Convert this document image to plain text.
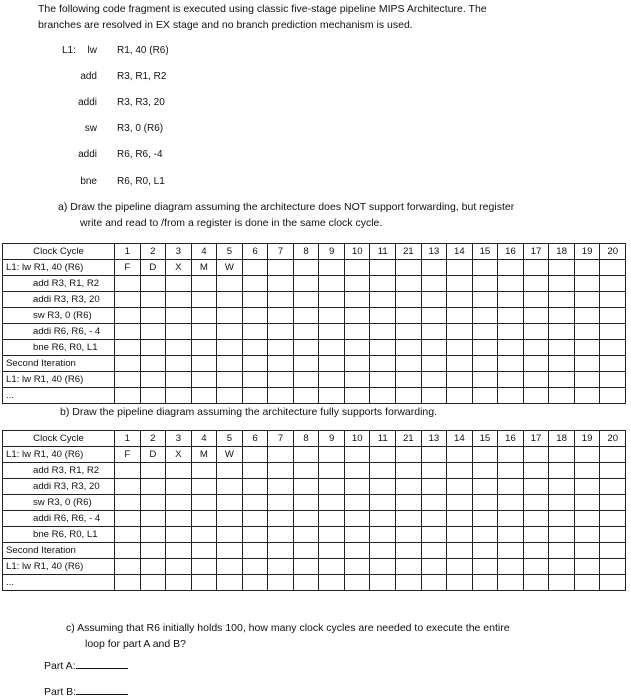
The following code fragment is executed using classic five-stage pipeline MIPS Architecture. The
branches are resolved in EX stage and no branch prediction mechanism is used.
L1:	lw R1, 40 (R6)
add R3, R1, R2
addi R3, R3, 20
sw R3, 0 (R6)
addi R6, R6, -4
bne R6, R0, L1
a) Draw the pipeline diagram assuming the architecture does NOT support forwarding, but register
write and read to /from a register is done in the same clock cycle.
Clock Cycle	1	2	3	4	5	6	7	8	9	10	11	21	13	14	15	16	17	18	19	20
L1: lw R1, 40 (R6)	F	D	X	M	W															
add R3, R1, R2																				
addi R3, R3, 20																				
sw R3, 0 (R6)																				
addi R6, R6, - 4																				
bne R6, R0, L1																				
Second Iteration																				
L1: lw R1, 40 (R6)																				
...																				
b) Draw the pipeline diagram assuming the architecture fully supports forwarding.
Clock Cycle	1	2	3	4	5	6	7	8	9	10	11	21	13	14	15	16	17	18	19	20
L1: lw R1, 40 (R6)	F	D	X	M	W															
add R3, R1, R2																				
addi R3, R3, 20																				
sw R3, 0 (R6)																				
addi R6, R6, - 4																				
bne R6, R0, L1																				
Second Iteration																				
L1: lw R1, 40 (R6)																				
...																				
c) Assuming that R6 initially holds 100, how many clock cycles are needed to execute the entire
loop for part A and B?
Part A:
Part B:
